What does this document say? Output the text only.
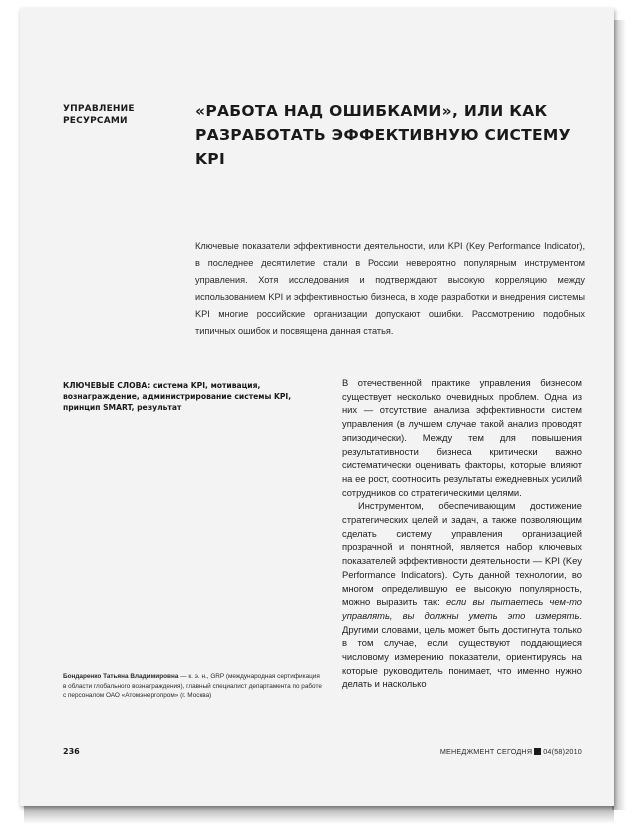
УПРАВЛЕНИЕ
РЕСУРСАМИ
«РАБОТА НАД ОШИБКАМИ», ИЛИ КАК РАЗРАБОТАТЬ ЭФФЕКТИВНУЮ СИСТЕМУ KPI

Ключевые показатели эффективности деятельности, или KPI (Key Performance Indicator), в последнее десятилетие стали в России невероятно популярным инструментом управления. Хотя исследования и подтверждают высокую корреляцию между использованием KPI и эффективностью бизнеса, в ходе разработки и внедрения системы KPI многие российские организации допускают ошибки. Рассмотрению подобных типичных ошибок и посвящена данная статья.

КЛЮЧЕВЫЕ СЛОВА: система KPI, мотивация, вознаграждение, администрирование системы KPI, принцип SMART, результат

В отечественной практике управления бизнесом существует несколько очевидных проблем. Одна из них — отсутствие анализа эффективности систем управления (в лучшем случае такой анализ проводят эпизодически). Между тем для повышения результативности бизнеса критически важно систематически оценивать факторы, которые влияют на ее рост, соотносить результаты ежедневных усилий сотрудников со стратегическими целями.

Инструментом, обеспечивающим достижение стратегических целей и задач, а также позволяющим сделать систему управления организацией прозрачной и понятной, является набор ключевых показателей эффективности деятельности — KPI (Key Performance Indicators). Суть данной технологии, во многом определившую ее высокую популярность, можно выразить так: если вы пытаетесь чем-то управлять, вы должны уметь это измерять. Другими словами, цель может быть достигнута только в том случае, если существуют поддающиеся числовому измерению показатели, ориентируясь на которые руководитель понимает, что именно нужно делать и насколько

Бондаренко Татьяна Владимировна — к. э. н., GRP (международная сертификация в области глобального вознаграждения), главный специалист департамента по работе с персоналом ОАО «Атомэнергопром» (г. Москва)
236	МЕНЕДЖМЕНТ СЕГОДНЯ 04(58)2010
